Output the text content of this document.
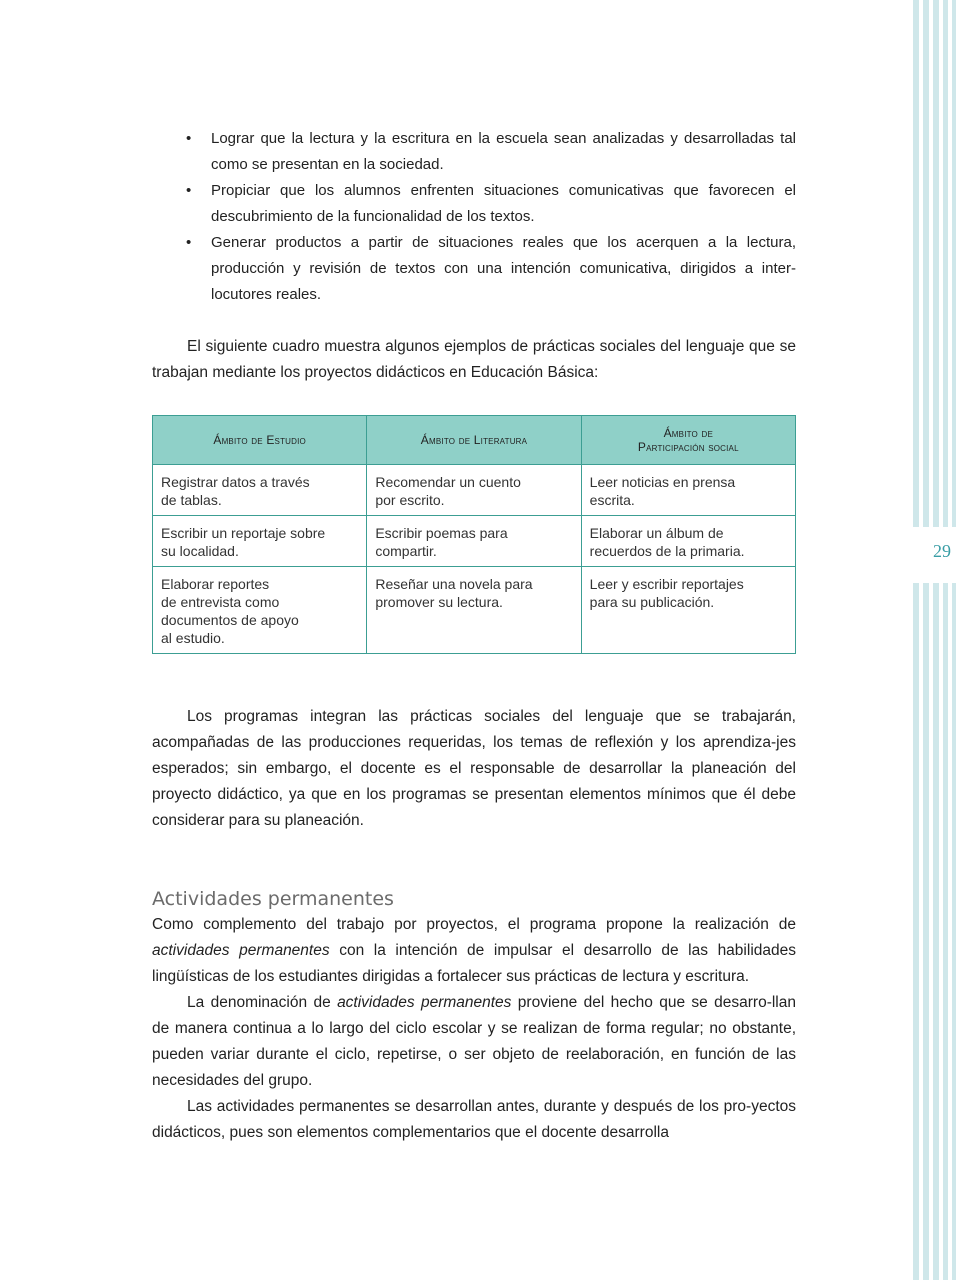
29
• Lograr que la lectura y la escritura en la escuela sean analizadas y desarrolladas tal como se presentan en la sociedad.
• Propiciar que los alumnos enfrenten situaciones comunicativas que favorecen el descubrimiento de la funcionalidad de los textos.
• Generar productos a partir de situaciones reales que los acerquen a la lectura, producción y revisión de textos con una intención comunicativa, dirigidos a inter-locutores reales.

El siguiente cuadro muestra algunos ejemplos de prácticas sociales del lenguaje que se trabajan mediante los proyectos didácticos en Educación Básica:

Ámbito de Estudio	Ámbito de Literatura	Ámbito de
Participación social

Registrar datos a través
de tablas.	Recomendar un cuento
por escrito.	Leer noticias en prensa
escrita.

Escribir un reportaje sobre
su localidad.	Escribir poemas para
compartir.	Elaborar un álbum de
recuerdos de la primaria.

Elaborar reportes
de entrevista como
documentos de apoyo
al estudio.	Reseñar una novela para
promover su lectura.	Leer y escribir reportajes
para su publicación.

Los programas integran las prácticas sociales del lenguaje que se trabajarán, acompañadas de las producciones requeridas, los temas de reflexión y los aprendiza-jes esperados; sin embargo, el docente es el responsable de desarrollar la planeación del proyecto didáctico, ya que en los programas se presentan elementos mínimos que él debe considerar para su planeación.

Actividades permanentes

Como complemento del trabajo por proyectos, el programa propone la realización de actividades permanentes con la intención de impulsar el desarrollo de las habilidades lingüísticas de los estudiantes dirigidas a fortalecer sus prácticas de lectura y escritura.

La denominación de actividades permanentes proviene del hecho que se desarro-llan de manera continua a lo largo del ciclo escolar y se realizan de forma regular; no obstante, pueden variar durante el ciclo, repetirse, o ser objeto de reelaboración, en función de las necesidades del grupo.

Las actividades permanentes se desarrollan antes, durante y después de los pro-yectos didácticos, pues son elementos complementarios que el docente desarrolla
